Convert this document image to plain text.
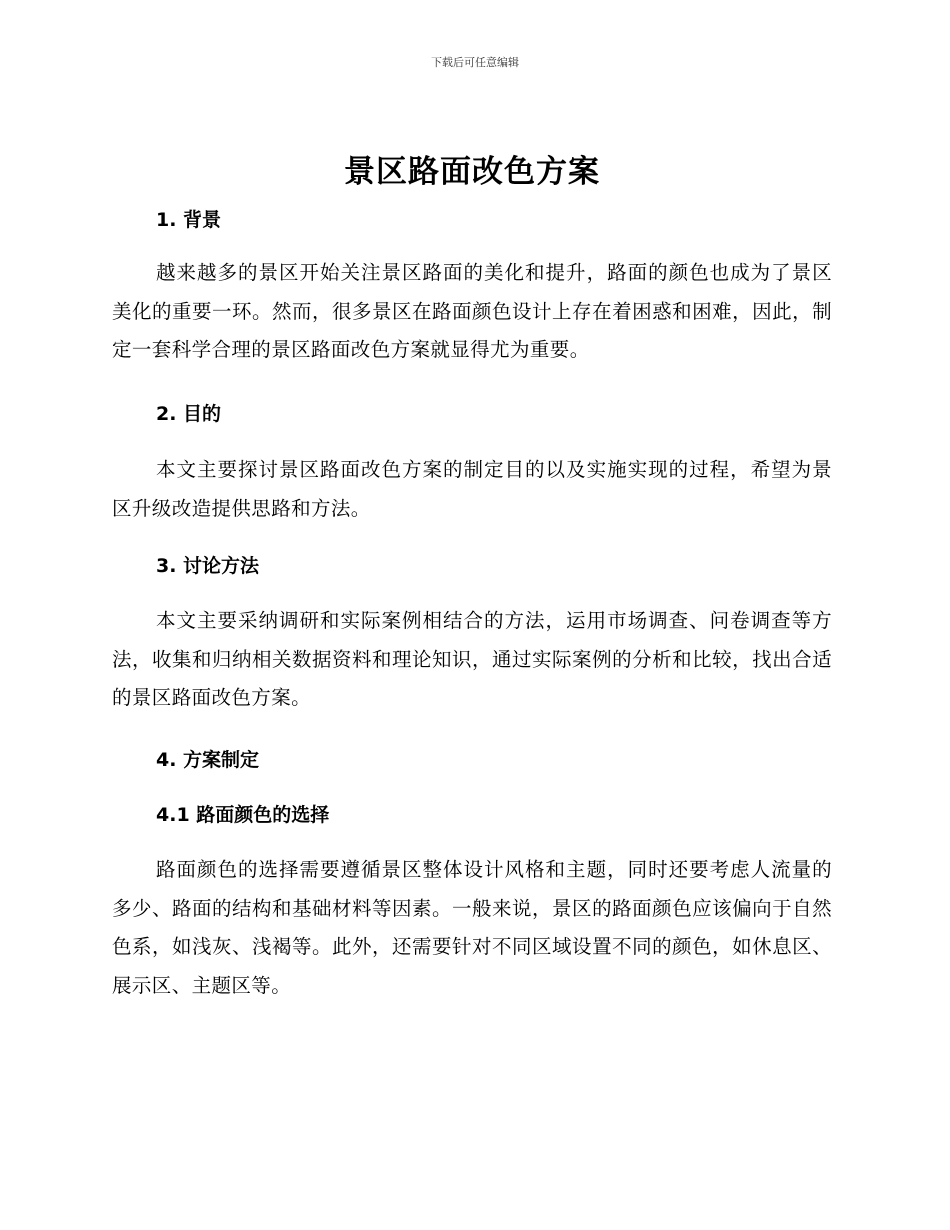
下载后可任意编辑
景区路面改色方案
1. 背景

越来越多的景区开始关注景区路面的美化和提升，路面的颜色也成为了景区美化的重要一环。然而，很多景区在路面颜色设计上存在着困惑和困难，因此，制定一套科学合理的景区路面改色方案就显得尤为重要。

2. 目的

本文主要探讨景区路面改色方案的制定目的以及实施实现的过程，希望为景区升级改造提供思路和方法。

3. 讨论方法

本文主要采纳调研和实际案例相结合的方法，运用市场调查、问卷调查等方法，收集和归纳相关数据资料和理论知识，通过实际案例的分析和比较，找出合适的景区路面改色方案。

4. 方案制定
4.1 路面颜色的选择

路面颜色的选择需要遵循景区整体设计风格和主题，同时还要考虑人流量的多少、路面的结构和基础材料等因素。一般来说，景区的路面颜色应该偏向于自然色系，如浅灰、浅褐等。此外，还需要针对不同区域设置不同的颜色，如休息区、展示区、主题区等。
